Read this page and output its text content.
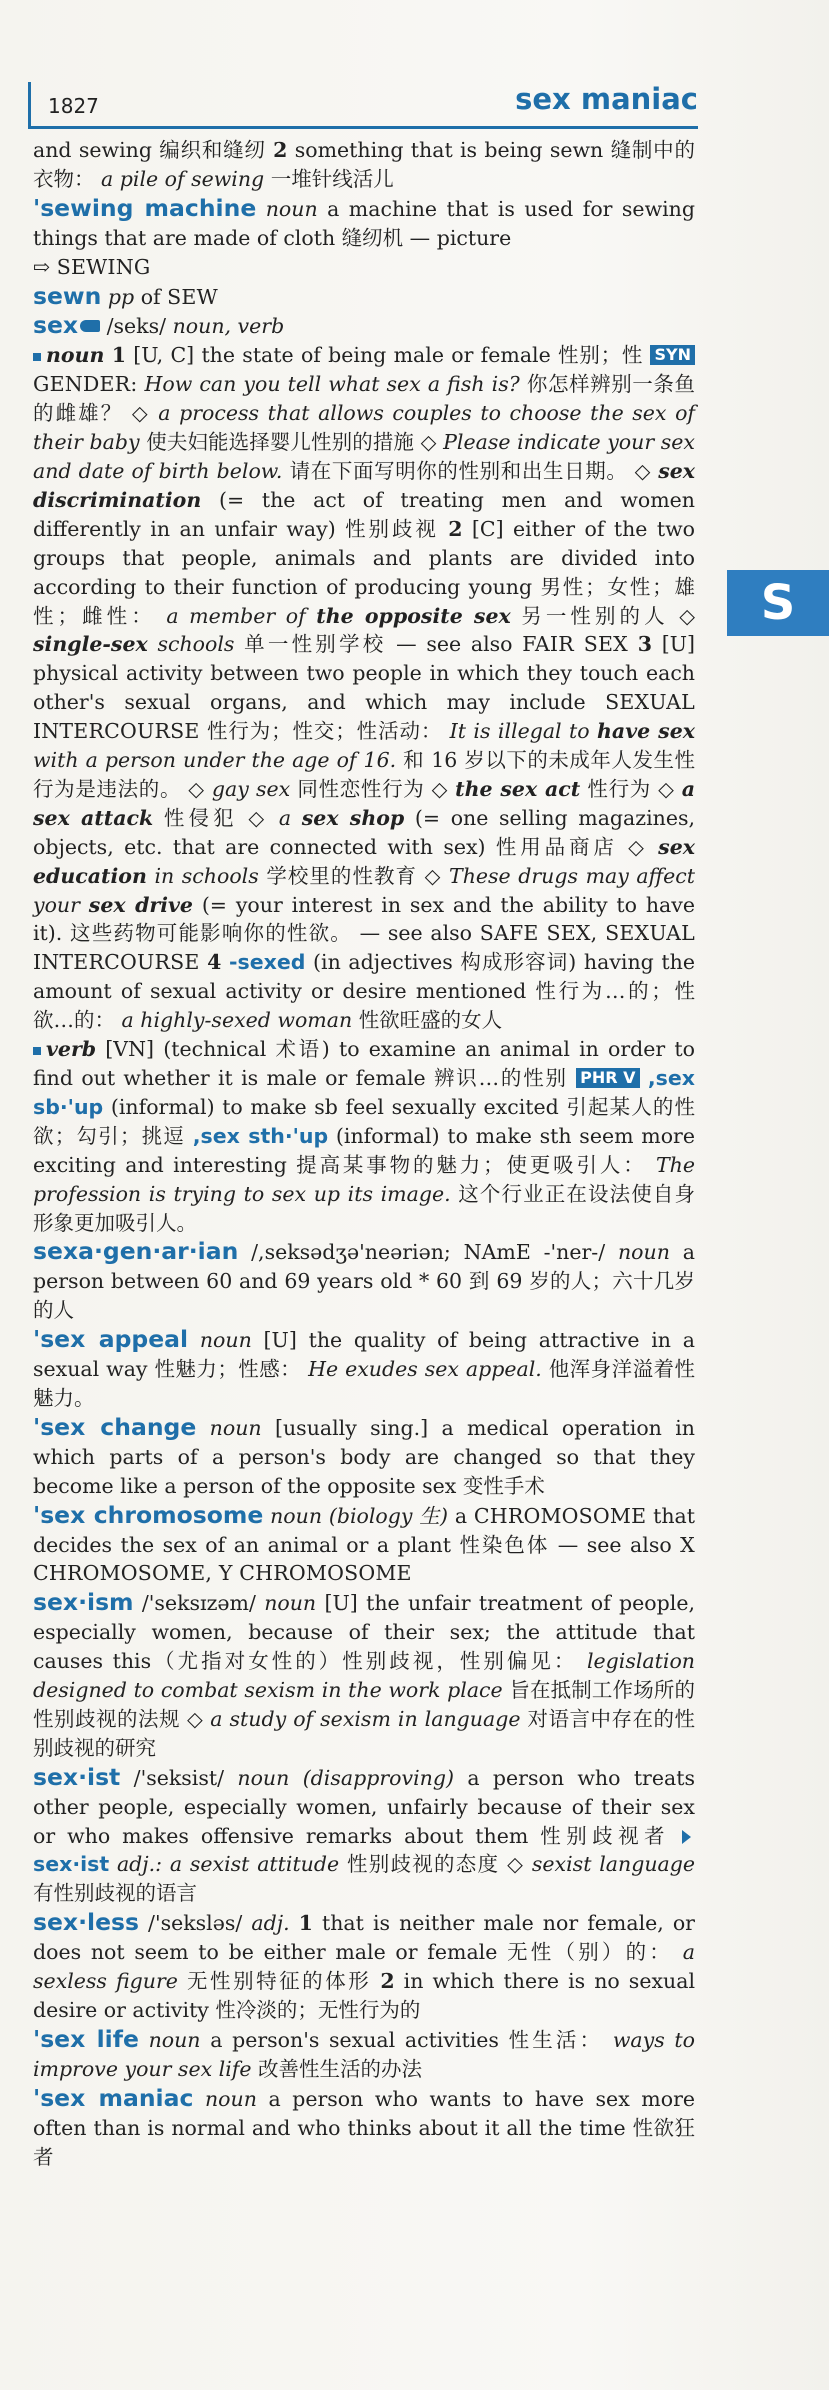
1827	sex maniac
S

and sewing 编织和缝纫 2 something that is being sewn 缝制中的衣物： a pile of sewing 一堆针线活儿

'sewing machine noun a machine that is used for sewing things that are made of cloth 缝纫机 — picture
⇨ SEWING

sewn pp of SEW

sex /seks/ noun, verb

noun 1 [U, C] the state of being male or female 性别；性 SYN GENDER: How can you tell what sex a fish is? 你怎样辨别一条鱼的雌雄？ ◇ a process that allows couples to choose the sex of their baby 使夫妇能选择婴儿性别的措施 ◇ Please indicate your sex and date of birth below. 请在下面写明你的性别和出生日期。 ◇ sex discrimination (= the act of treating men and women differently in an unfair way) 性别歧视 2 [C] either of the two groups that people, animals and plants are divided into according to their function of producing young 男性；女性；雄性；雌性： a member of the opposite sex 另一性别的人 ◇ single-sex schools 单一性别学校 — see also FAIR SEX 3 [U] physical activity between two people in which they touch each other's sexual organs, and which may include SEXUAL INTERCOURSE 性行为；性交；性活动： It is illegal to have sex with a person under the age of 16. 和 16 岁以下的未成年人发生性行为是违法的。 ◇ gay sex 同性恋性行为 ◇ the sex act 性行为 ◇ a sex attack 性侵犯 ◇ a sex shop (= one selling magazines, objects, etc. that are connected with sex) 性用品商店 ◇ sex education in schools 学校里的性教育 ◇ These drugs may affect your sex drive (= your interest in sex and the ability to have it). 这些药物可能影响你的性欲。 — see also SAFE SEX, SEXUAL INTERCOURSE 4 -sexed (in adjectives 构成形容词) having the amount of sexual activity or desire mentioned 性行为…的；性欲…的： a highly-sexed woman 性欲旺盛的女人

verb [VN] (technical 术语) to examine an animal in order to find out whether it is male or female 辨识…的性别 PHR V ,sex sb·'up (informal) to make sb feel sexually excited 引起某人的性欲；勾引；挑逗 ,sex sth·'up (informal) to make sth seem more exciting and interesting 提高某事物的魅力；使更吸引人： The profession is trying to sex up its image. 这个行业正在设法使自身形象更加吸引人。

sexa·gen·ar·ian /,seksədʒə'neəriən; NAmE -'ner-/ noun a person between 60 and 69 years old * 60 到 69 岁的人；六十几岁的人

'sex appeal noun [U] the quality of being attractive in a sexual way 性魅力；性感： He exudes sex appeal. 他浑身洋溢着性魅力。

'sex change noun [usually sing.] a medical operation in which parts of a person's body are changed so that they become like a person of the opposite sex 变性手术

'sex chromosome noun (biology 生) a CHROMOSOME that decides the sex of an animal or a plant 性染色体 — see also X CHROMOSOME, Y CHROMOSOME

sex·ism /'seksɪzəm/ noun [U] the unfair treatment of people, especially women, because of their sex; the attitude that causes this（尤指对女性的）性别歧视，性别偏见： legislation designed to combat sexism in the work place 旨在抵制工作场所的性别歧视的法规 ◇ a study of sexism in language 对语言中存在的性别歧视的研究

sex·ist /'seksist/ noun (disapproving) a person who treats other people, especially women, unfairly because of their sex or who makes offensive remarks about them 性别歧视者 sex·ist adj.: a sexist attitude 性别歧视的态度 ◇ sexist language 有性别歧视的语言

sex·less /'seksləs/ adj. 1 that is neither male nor female, or does not seem to be either male or female 无性（别）的： a sexless figure 无性别特征的体形 2 in which there is no sexual desire or activity 性冷淡的；无性行为的

'sex life noun a person's sexual activities 性生活： ways to improve your sex life 改善性生活的办法

'sex maniac noun a person who wants to have sex more often than is normal and who thinks about it all the time 性欲狂者
